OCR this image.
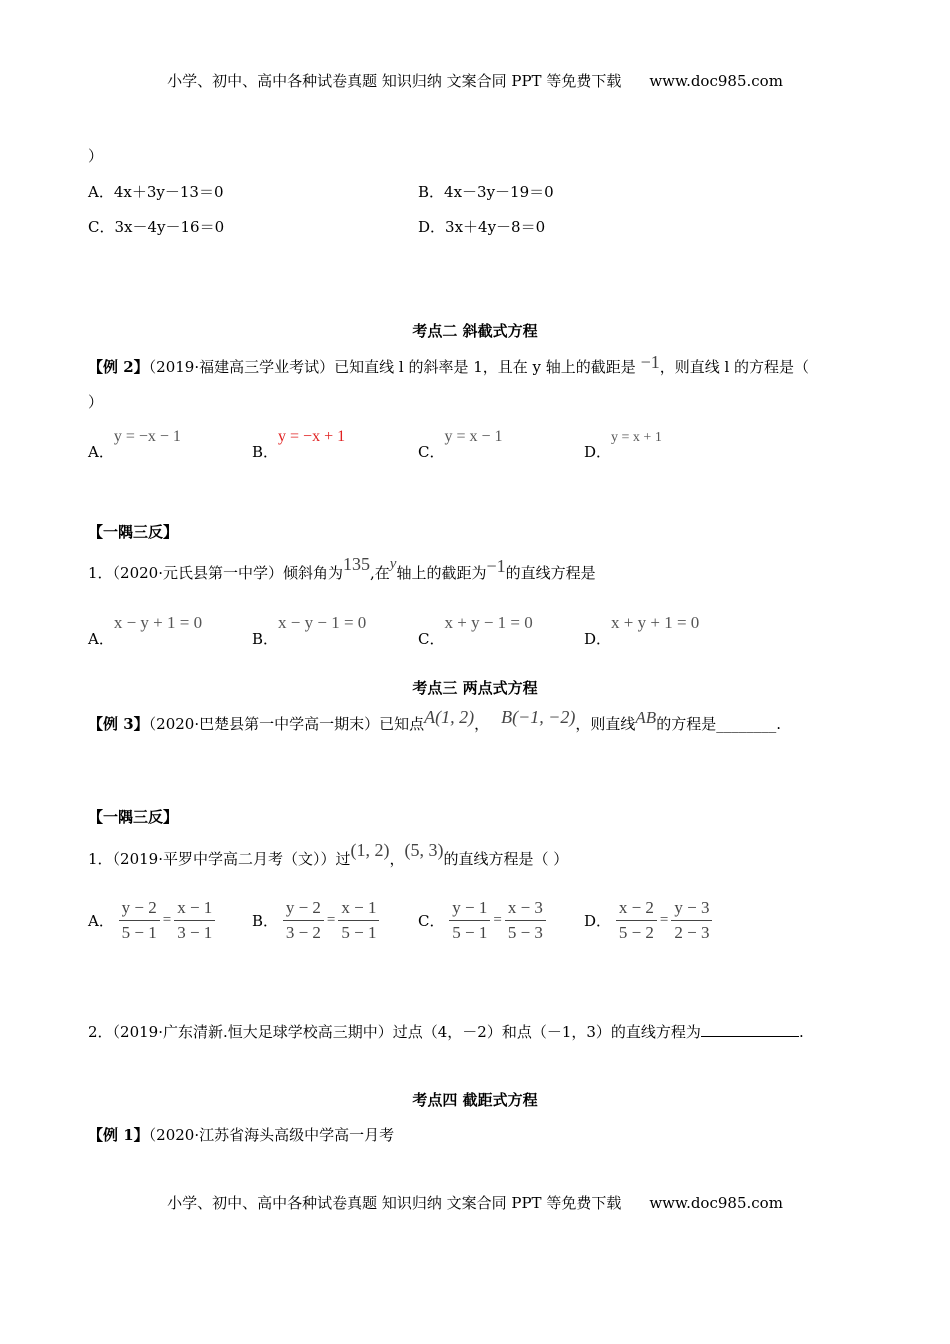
小学、初中、高中各种试卷真题 知识归纳 文案合同 PPT 等免费下载 www.doc985.com
）
A．4x＋3y－13＝0	B．4x－3y－19＝0
C．3x－4y－16＝0	D．3x＋4y－8＝0
考点二 斜截式方程
【例 2】（2019·福建高三学业考试）已知直线 l 的斜率是 1，且在 y 轴上的截距是 −1，则直线 l 的方程是（
）
A．y = −x − 1
B．y = −x + 1
C．y = x − 1
D．y = x + 1
【一隅三反】
1．（2020·元氏县第一中学）倾斜角为135,在y轴上的截距为−1的直线方程是
A．x − y + 1 = 0
B．x − y − 1 = 0
C．x + y − 1 = 0
D．x + y + 1 = 0
考点三 两点式方程
【例 3】（2020·巴楚县第一中学高一期末）已知点A(1, 2)， B(−1, −2)，则直线AB的方程是________.
【一隅三反】
1．（2019·平罗中学高二月考（文））过(1, 2)，(5, 3)的直线方程是（ ）
A． $\frac{y - 2}{5 - 1} = \frac{x - 1}{3 - 1}$ B． $\frac{y - 2}{3 - 2} = \frac{x - 1}{5 - 1}$	C． $\frac{y - 1}{5 - 1} = \frac{x - 3}{5 - 3}$	D． $\frac{x - 2}{5 - 2} = \frac{y - 3}{2 - 3}$
2．（2019·广东清新.恒大足球学校高三期中）过点（4，－2）和点（－1，3）的直线方程为	.
考点四 截距式方程
【例 1】（2020·江苏省海头高级中学高一月考
小学、初中、高中各种试卷真题 知识归纳 文案合同 PPT 等免费下载 www.doc985.com
